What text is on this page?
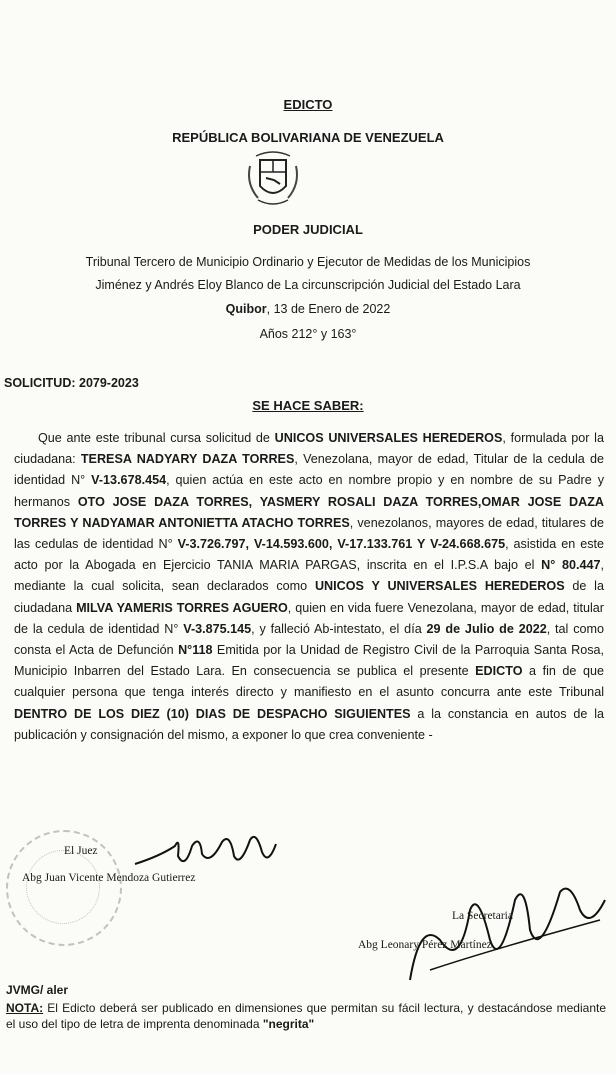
EDICTO
REPÚBLICA BOLIVARIANA DE VENEZUELA
PODER JUDICIAL
Tribunal Tercero de Municipio Ordinario y Ejecutor de Medidas de los Municipios
Jiménez y Andrés Eloy Blanco de La circunscripción Judicial del Estado Lara
Quibor, 13 de Enero de 2022
Años 212° y 163°
SOLICITUD: 2079-2023
SE HACE SABER:

Que ante este tribunal cursa solicitud de UNICOS UNIVERSALES HEREDEROS, formulada por la ciudadana: TERESA NADYARY DAZA TORRES, Venezolana, mayor de edad, Titular de la cedula de identidad N° V-13.678.454, quien actúa en este acto en nombre propio y en nombre de su Padre y hermanos OTO JOSE DAZA TORRES, YASMERY ROSALI DAZA TORRES,OMAR JOSE DAZA TORRES Y NADYAMAR ANTONIETTA ATACHO TORRES, venezolanos, mayores de edad, titulares de las cedulas de identidad N° V-3.726.797, V-14.593.600, V-17.133.761 Y V-24.668.675, asistida en este acto por la Abogada en Ejercicio TANIA MARIA PARGAS, inscrita en el I.P.S.A bajo el N° 80.447, mediante la cual solicita, sean declarados como UNICOS Y UNIVERSALES HEREDEROS de la ciudadana MILVA YAMERIS TORRES AGUERO, quien en vida fuere Venezolana, mayor de edad, titular de la cedula de identidad N° V-3.875.145, y falleció Ab-intestato, el día 29 de Julio de 2022, tal como consta el Acta de Defunción N°118 Emitida por la Unidad de Registro Civil de la Parroquia Santa Rosa, Municipio Inbarren del Estado Lara. En consecuencia se publica el presente EDICTO a fin de que cualquier persona que tenga interés directo y manifiesto en el asunto concurra ante este Tribunal DENTRO DE LOS DIEZ (10) DIAS DE DESPACHO SIGUIENTES a la constancia en autos de la publicación y consignación del mismo, a exponer lo que crea conveniente -

El Juez
Abg Juan Vicente Mendoza Gutierrez
La Secretaria
Abg Leonary Pérez Martínez
JVMG/ aler
NOTA: El Edicto deberá ser publicado en dimensiones que permitan su fácil lectura, y destacándose mediante el uso del tipo de letra de imprenta denominada "negrita"
